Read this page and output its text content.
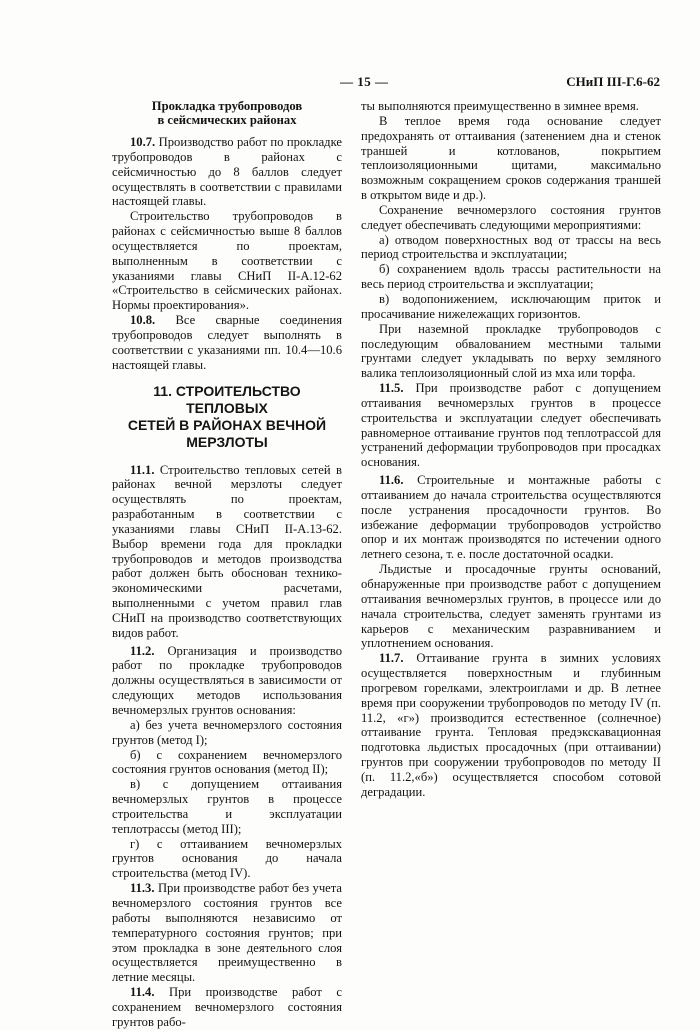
— 15 —	СНиП III-Г.6-62
Прокладка трубопроводов
в сейсмических районах

10.7. Производство работ по прокладке трубопроводов в районах с сейсмичностью до 8 баллов следует осуществлять в соответствии с правилами настоящей главы.

Строительство трубопроводов в районах с сейсмичностью выше 8 баллов осуществляется по проектам, выполненным в соответствии с указаниями главы СНиП II-А.12-62 «Строительство в сейсмических районах. Нормы проектирования».

10.8. Все сварные соединения трубопроводов следует выполнять в соответствии с указаниями пп. 10.4—10.6 настоящей главы.

11. СТРОИТЕЛЬСТВО ТЕПЛОВЫХ
СЕТЕЙ В РАЙОНАХ ВЕЧНОЙ
МЕРЗЛОТЫ

11.1. Строительство тепловых сетей в районах вечной мерзлоты следует осуществлять по проектам, разработанным в соответствии с указаниями главы СНиП II-А.13-62. Выбор времени года для прокладки трубопроводов и методов производства работ должен быть обоснован технико-экономическими расчетами, выполненными с учетом правил глав СНиП на производство соответствующих видов работ.

11.2. Организация и производство работ по прокладке трубопроводов должны осуществляться в зависимости от следующих методов использования вечномерзлых грунтов основания:

а) без учета вечномерзлого состояния грунтов (метод I);

б) с сохранением вечномерзлого состояния грунтов основания (метод II);

в) с допущением оттаивания вечномерзлых грунтов в процессе строительства и эксплуатации теплотрассы (метод III);

г) с оттаиванием вечномерзлых грунтов основания до начала строительства (метод IV).

11.3. При производстве работ без учета вечномерзлого состояния грунтов все работы выполняются независимо от температурного состояния грунтов; при этом прокладка в зоне деятельного слоя осуществляется преимущественно в летние месяцы.

11.4. При производстве работ с сохранением вечномерзлого состояния грунтов рабо-

ты выполняются преимущественно в зимнее время.

В теплое время года основание следует предохранять от оттаивания (затенением дна и стенок траншей и котлованов, покрытием теплоизоляционными щитами, максимально возможным сокращением сроков содержания траншей в открытом виде и др.).

Сохранение вечномерзлого состояния грунтов следует обеспечивать следующими мероприятиями:

а) отводом поверхностных вод от трассы на весь период строительства и эксплуатации;

б) сохранением вдоль трассы растительности на весь период строительства и эксплуатации;

в) водопонижением, исключающим приток и просачивание нижележащих горизонтов.

При наземной прокладке трубопроводов с последующим обвалованием местными талыми грунтами следует укладывать по верху земляного валика теплоизоляционный слой из мха или торфа.

11.5. При производстве работ с допущением оттаивания вечномерзлых грунтов в процессе строительства и эксплуатации следует обеспечивать равномерное оттаивание грунтов под теплотрассой для устранений деформации трубопроводов при просадках основания.

11.6. Строительные и монтажные работы с оттаиванием до начала строительства осуществляются после устранения просадочности грунтов. Во избежание деформации трубопроводов устройство опор и их монтаж производятся по истечении одного летнего сезона, т. е. после достаточной осадки.

Льдистые и просадочные грунты оснований, обнаруженные при производстве работ с допущением оттаивания вечномерзлых грунтов, в процессе или до начала строительства, следует заменять грунтами из карьеров с механическим разравниванием и уплотнением основания.

11.7. Оттаивание грунта в зимних условиях осуществляется поверхностным и глубинным прогревом горелками, электроиглами и др. В летнее время при сооружении трубопроводов по методу IV (п. 11.2, «г») производится естественное (солнечное) оттаивание грунта. Тепловая предэкскавационная подготовка льдистых просадочных (при оттаивании) грунтов при сооружении трубопроводов по методу II (п. 11.2,«б») осуществляется способом сотовой деградации.
